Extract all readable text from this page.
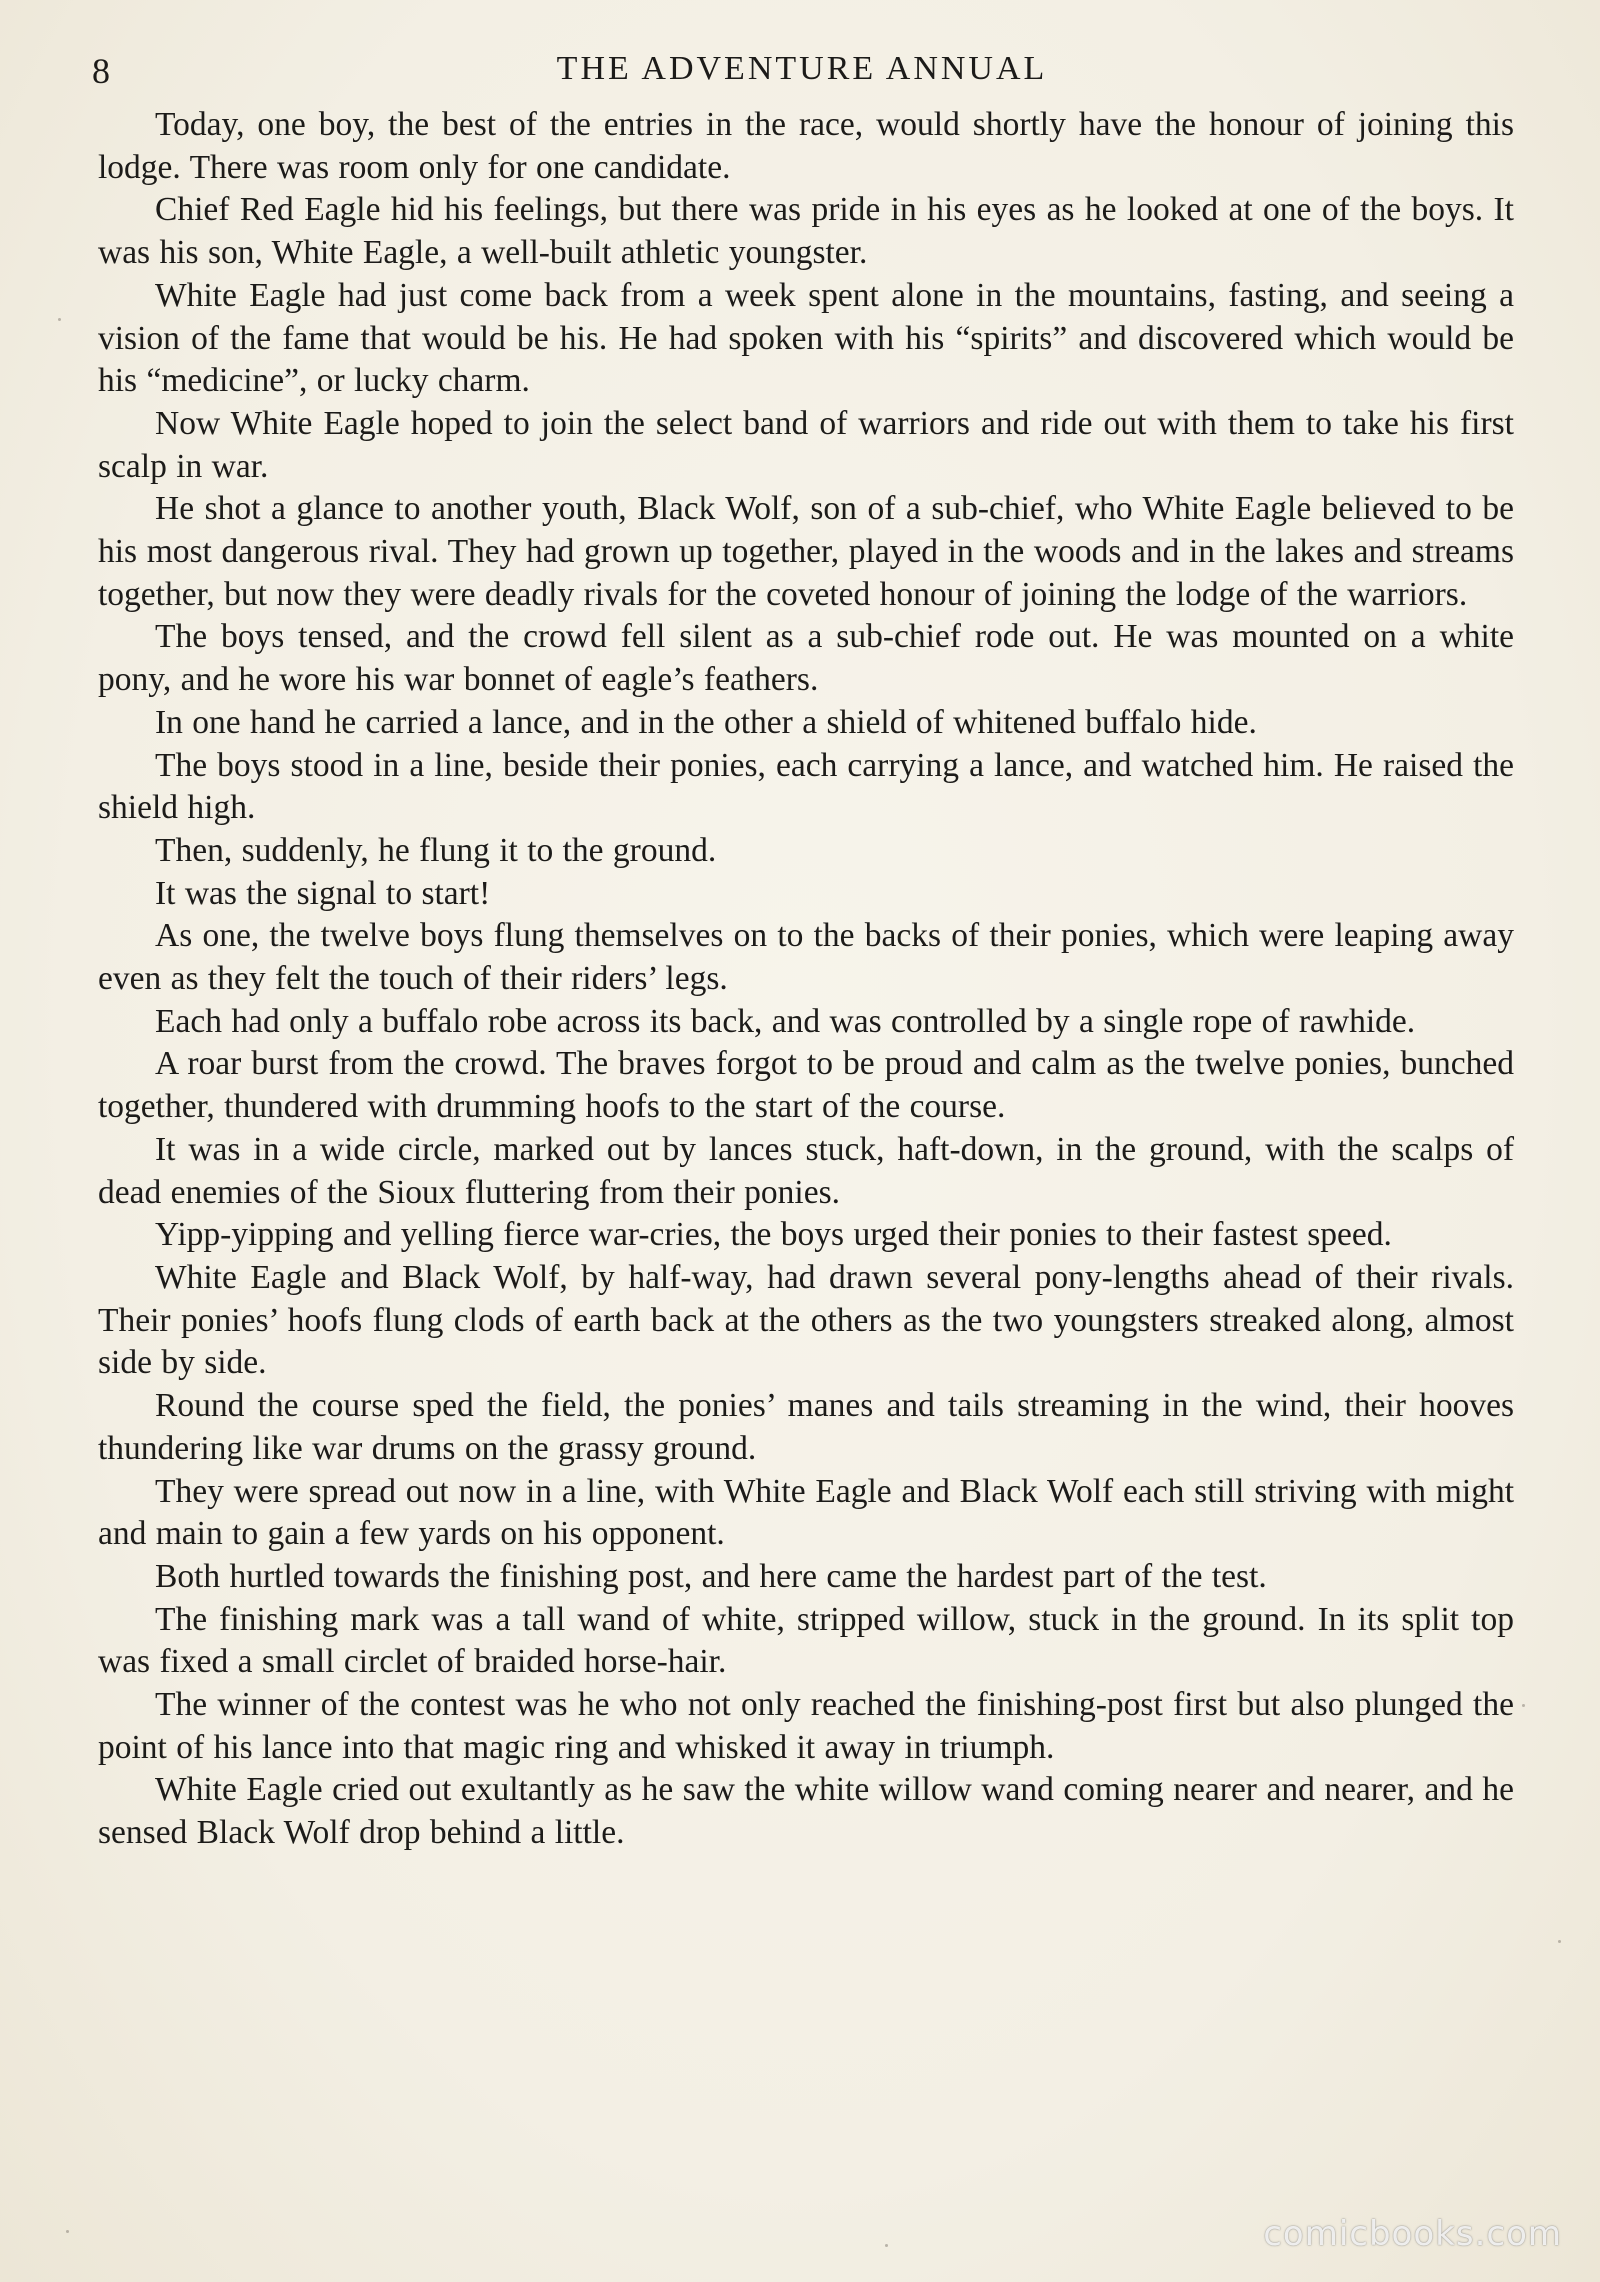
8	THE ADVENTURE ANNUAL

Today, one boy, the best of the entries in the race, would shortly have the honour of joining this lodge. There was room only for one candidate.

Chief Red Eagle hid his feelings, but there was pride in his eyes as he looked at one of the boys. It was his son, White Eagle, a well-built athletic youngster.

White Eagle had just come back from a week spent alone in the mountains, fasting, and seeing a vision of the fame that would be his. He had spoken with his “spirits” and discovered which would be his “medicine”, or lucky charm.

Now White Eagle hoped to join the select band of warriors and ride out with them to take his first scalp in war.

He shot a glance to another youth, Black Wolf, son of a sub-chief, who White Eagle believed to be his most dangerous rival. They had grown up together, played in the woods and in the lakes and streams together, but now they were deadly rivals for the coveted honour of joining the lodge of the warriors.

The boys tensed, and the crowd fell silent as a sub-chief rode out. He was mounted on a white pony, and he wore his war bonnet of eagle’s feathers.

In one hand he carried a lance, and in the other a shield of whitened buffalo hide.

The boys stood in a line, beside their ponies, each carrying a lance, and watched him. He raised the shield high.

Then, suddenly, he flung it to the ground.

It was the signal to start!

As one, the twelve boys flung themselves on to the backs of their ponies, which were leaping away even as they felt the touch of their riders’ legs.

Each had only a buffalo robe across its back, and was controlled by a single rope of rawhide.

A roar burst from the crowd. The braves forgot to be proud and calm as the twelve ponies, bunched together, thundered with drumming hoofs to the start of the course.

It was in a wide circle, marked out by lances stuck, haft-down, in the ground, with the scalps of dead enemies of the Sioux fluttering from their ponies.

Yipp-yipping and yelling fierce war-cries, the boys urged their ponies to their fastest speed.

White Eagle and Black Wolf, by half-way, had drawn several pony-lengths ahead of their rivals. Their ponies’ hoofs flung clods of earth back at the others as the two youngsters streaked along, almost side by side.

Round the course sped the field, the ponies’ manes and tails streaming in the wind, their hooves thundering like war drums on the grassy ground.

They were spread out now in a line, with White Eagle and Black Wolf each still striving with might and main to gain a few yards on his opponent.

Both hurtled towards the finishing post, and here came the hardest part of the test.

The finishing mark was a tall wand of white, stripped willow, stuck in the ground. In its split top was fixed a small circlet of braided horse-hair.

The winner of the contest was he who not only reached the finishing-post first but also plunged the point of his lance into that magic ring and whisked it away in triumph.

White Eagle cried out exultantly as he saw the white willow wand coming nearer and nearer, and he sensed Black Wolf drop behind a little.

comicbooks.com
